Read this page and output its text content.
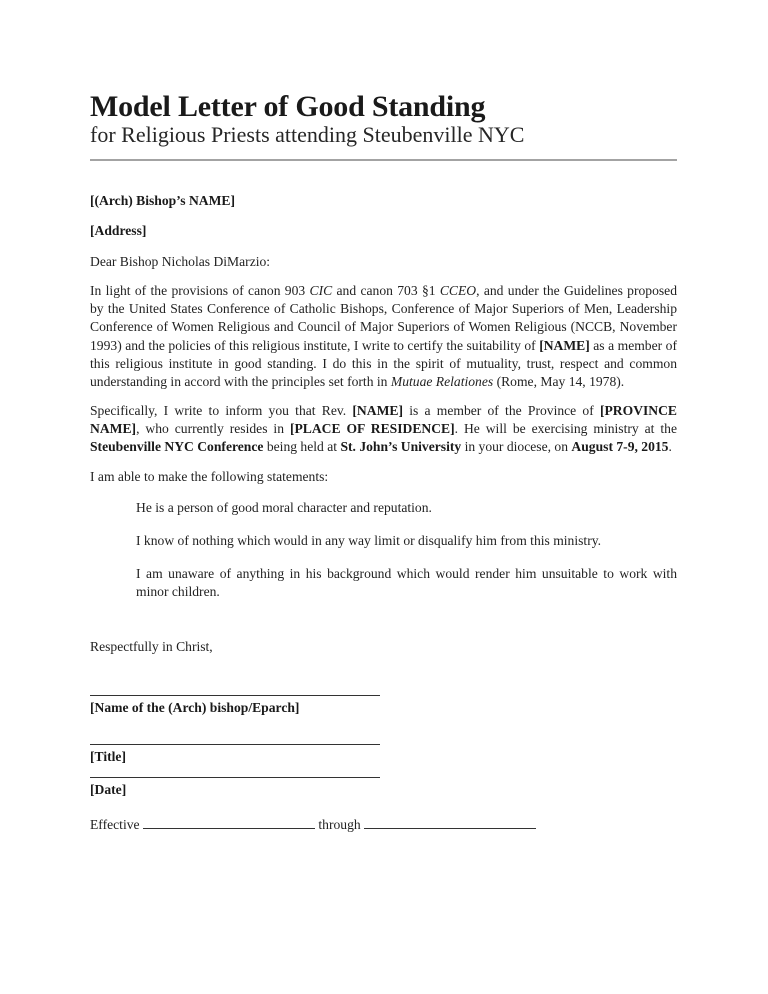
Model Letter of Good Standing
for Religious Priests attending Steubenville NYC
[(Arch) Bishop’s NAME]
[Address]
Dear Bishop Nicholas DiMarzio:
In light of the provisions of canon 903 CIC and canon 703 §1 CCEO, and under the Guidelines proposed by the United States Conference of Catholic Bishops, Conference of Major Superiors of Men, Leadership Conference of Women Religious and Council of Major Superiors of Women Religious (NCCB, November 1993) and the policies of this religious institute, I write to certify the suitability of [NAME] as a member of this religious institute in good standing. I do this in the spirit of mutuality, trust, respect and common understanding in accord with the principles set forth in Mutuae Relationes (Rome, May 14, 1978).
Specifically, I write to inform you that Rev. [NAME] is a member of the Province of [PROVINCE NAME], who currently resides in [PLACE OF RESIDENCE]. He will be exercising ministry at the Steubenville NYC Conference being held at St. John’s University in your diocese, on August 7-9, 2015.
I am able to make the following statements:
He is a person of good moral character and reputation.
I know of nothing which would in any way limit or disqualify him from this ministry.
I am unaware of anything in his background which would render him unsuitable to work with minor children.
Respectfully in Christ,
[Name of the (Arch) bishop/Eparch]
[Title]
[Date]
Effective	through
